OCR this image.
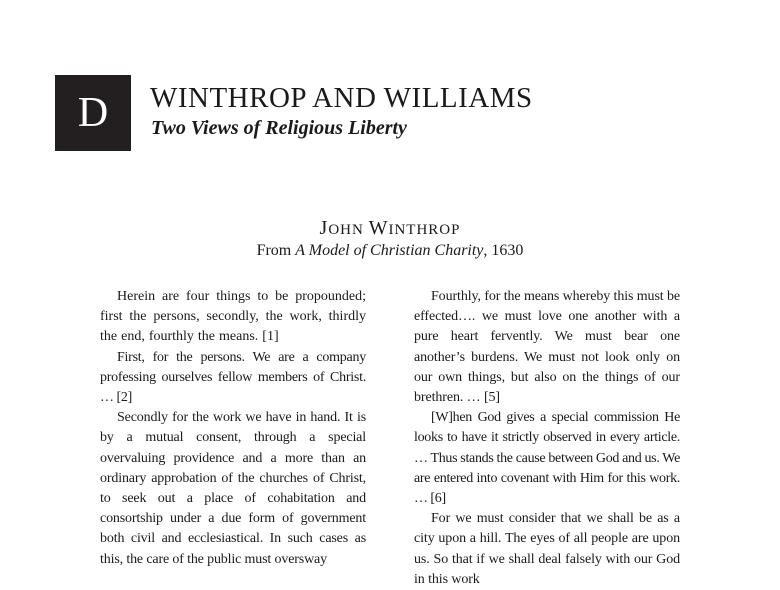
D WINTHROP AND WILLIAMS
Two Views of Religious Liberty
JOHN WINTHROP
From A Model of Christian Charity, 1630

Herein are four things to be propounded; first the persons, secondly, the work, thirdly the end, fourthly the means. [1]

First, for the persons. We are a company professing ourselves fellow members of Christ. … [2]

Secondly for the work we have in hand. It is by a mutual consent, through a special overvaluing providence and a more than an ordinary approbation of the churches of Christ, to seek out a place of cohabitation and consortship under a due form of government both civil and ecclesiastical. In such cases as this, the care of the public must oversway

Fourthly, for the means whereby this must be effected…. we must love one another with a pure heart fervently. We must bear one another’s burdens. We must not look only on our own things, but also on the things of our brethren. … [5]

[W]hen God gives a special commission He looks to have it strictly observed in every article. … Thus stands the cause between God and us. We are entered into covenant with Him for this work. … [6]

For we must consider that we shall be as a city upon a hill. The eyes of all people are upon us. So that if we shall deal falsely with our God in this work
